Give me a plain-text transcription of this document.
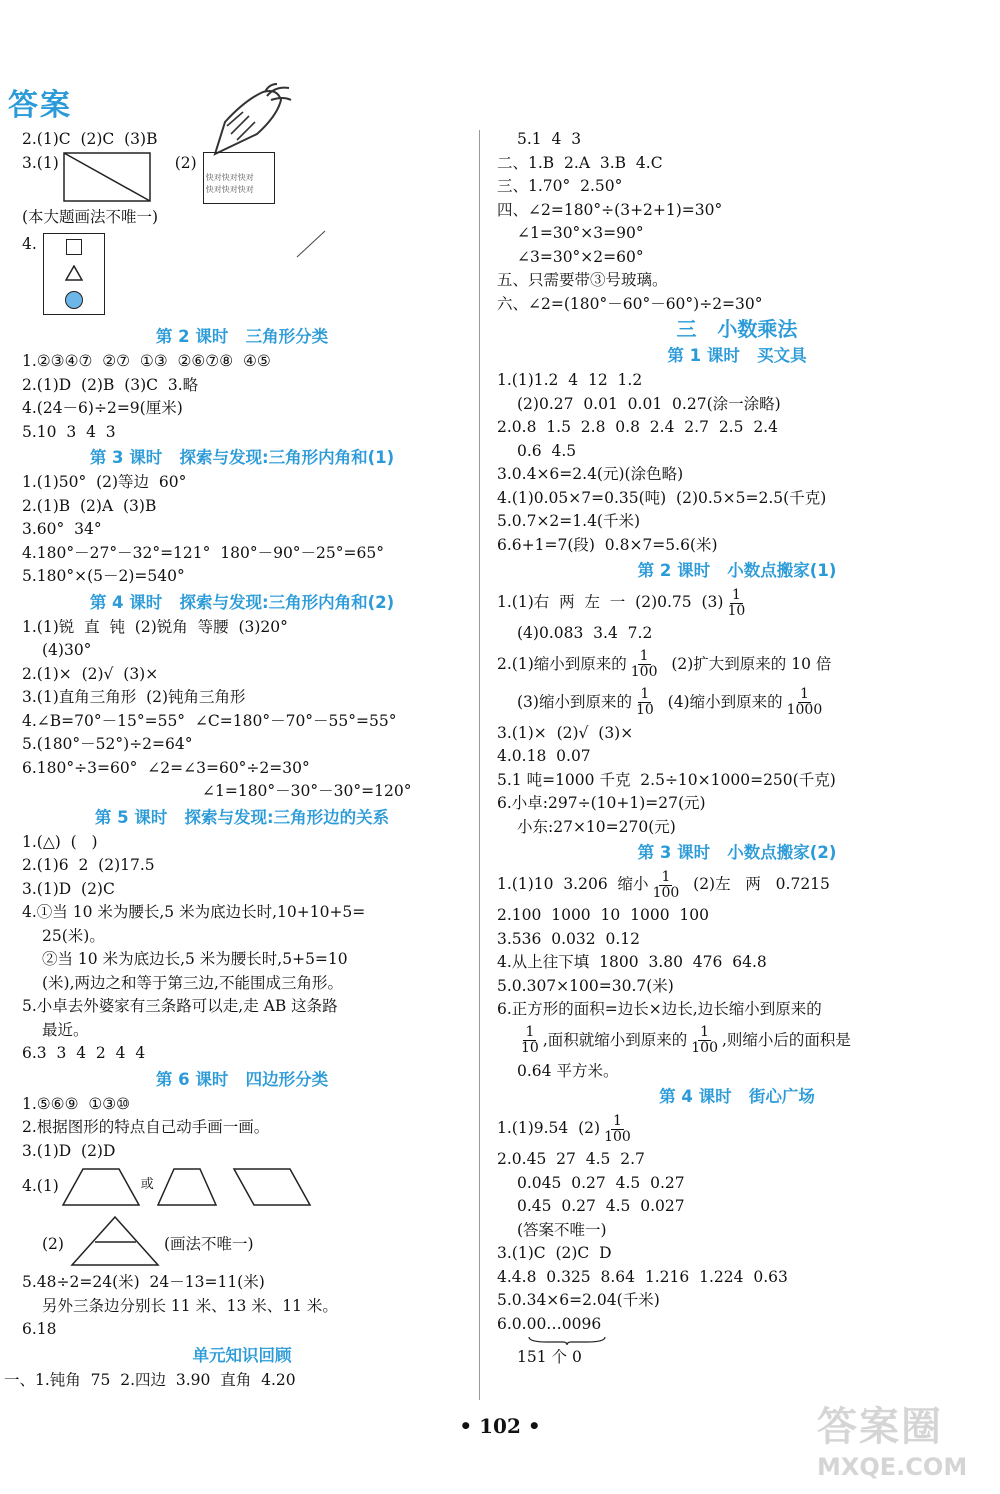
答案
2.(1)C  (2)C  (3)B
3.(1)	(2)
快对快对快对
快对快对快对
(本大题画法不唯一)
4.
第 2 课时   三角形分类
1.②③④⑦  ②⑦  ①③  ②⑥⑦⑧  ④⑤
2.(1)D  (2)B  (3)C  3.略
4.(24－6)÷2=9(厘米)
5.10  3  4  3
第 3 课时   探索与发现:三角形内角和(1)
1.(1)50°  (2)等边  60°
2.(1)B  (2)A  (3)B
3.60°  34°
4.180°－27°－32°=121°  180°－90°－25°=65°
5.180°×(5－2)=540°
第 4 课时   探索与发现:三角形内角和(2)
1.(1)锐  直  钝  (2)锐角  等腰  (3)20°
(4)30°
2.(1)×  (2)√  (3)×
3.(1)直角三角形  (2)钝角三角形
4.∠B=70°－15°=55°  ∠C=180°－70°－55°=55°
5.(180°－52°)÷2=64°
6.180°÷3=60°  ∠2=∠3=60°÷2=30°
∠1=180°－30°－30°=120°
第 5 课时   探索与发现:三角形边的关系
1.(△)  (   )
2.(1)6  2  (2)17.5
3.(1)D  (2)C
4.①当 10 米为腰长,5 米为底边长时,10+10+5=
25(米)。
②当 10 米为底边长,5 米为腰长时,5+5=10
(米),两边之和等于第三边,不能围成三角形。
5.小卓去外婆家有三条路可以走,走 AB 这条路
最近。
6.3  3  4  2  4  4
第 6 课时   四边形分类
1.⑤⑥⑨  ①③⑩
2.根据图形的特点自己动手画一画。
3.(1)D  (2)D
4.(1)	或
(2)	(画法不唯一)
5.48÷2=24(米)  24－13=11(米)
另外三条边分别长 11 米、13 米、11 米。
6.18
单元知识回顾
一、1.钝角  75  2.四边  3.90  直角  4.20
5.1  4  3
二、1.B  2.A  3.B  4.C
三、1.70°  2.50°
四、∠2=180°÷(3+2+1)=30°
∠1=30°×3=90°
∠3=30°×2=60°
五、只需要带③号玻璃。
六、∠2=(180°－60°－60°)÷2=30°
三   小数乘法
第 1 课时   买文具
1.(1)1.2  4  12  1.2
(2)0.27  0.01  0.01  0.27(涂一涂略)
2.0.8  1.5  2.8  0.8  2.4  2.7  2.5  2.4
0.6  4.5
3.0.4×6=2.4(元)(涂色略)
4.(1)0.05×7=0.35(吨)  (2)0.5×5=2.5(千克)
5.0.7×2=1.4(千米)
6.6+1=7(段)  0.8×7=5.6(米)
第 2 课时   小数点搬家(1)
1.(1)右  两  左  一  (2)0.75  $(3) \frac{1}{10}$
(4)0.083  3.4  7.2
2.(1)缩小到原来的 $\frac{1}{100} (2)$扩大到原来的 10 倍
(3)缩小到原来的 $\frac{1}{10} (4)$缩小到原来的 $\frac{1}{1000}$
3.(1)×  (2)√  (3)×
4.0.18  0.07
5.1 吨=1000 千克  2.5÷10×1000=250(千克)
6.小卓:297÷(10+1)=27(元)
小东:27×10=270(元)
第 3 课时   小数点搬家(2)
1.(1)10  3.206  缩小 $\frac{1}{100} (2)$左   两   0.7215
2.100  1000  10  1000  100
3.536  0.032  0.12
4.从上往下填  1800  3.80  476  64.8
5.0.307×100=30.7(米)
6.正方形的面积=边长×边长,边长缩小到原来的
$\frac{1}{10}$ ,面积就缩小到原来的 $\frac{1}{100}$ ,则缩小后的面积是
0.64 平方米。
第 4 课时   街心广场
1.(1)9.54  $(2) \frac{1}{100}$
2.0.45  27  4.5  2.7
0.045  0.27  4.5  0.27
0.45  0.27  4.5  0.027
(答案不唯一)
3.(1)C  (2)C  D
4.4.8  0.325  8.64  1.216  1.224  0.63
5.0.34×6=2.04(千米)
6.0.00…0096
151 个 0
• 102 •	答案圈
MXQE.COM
